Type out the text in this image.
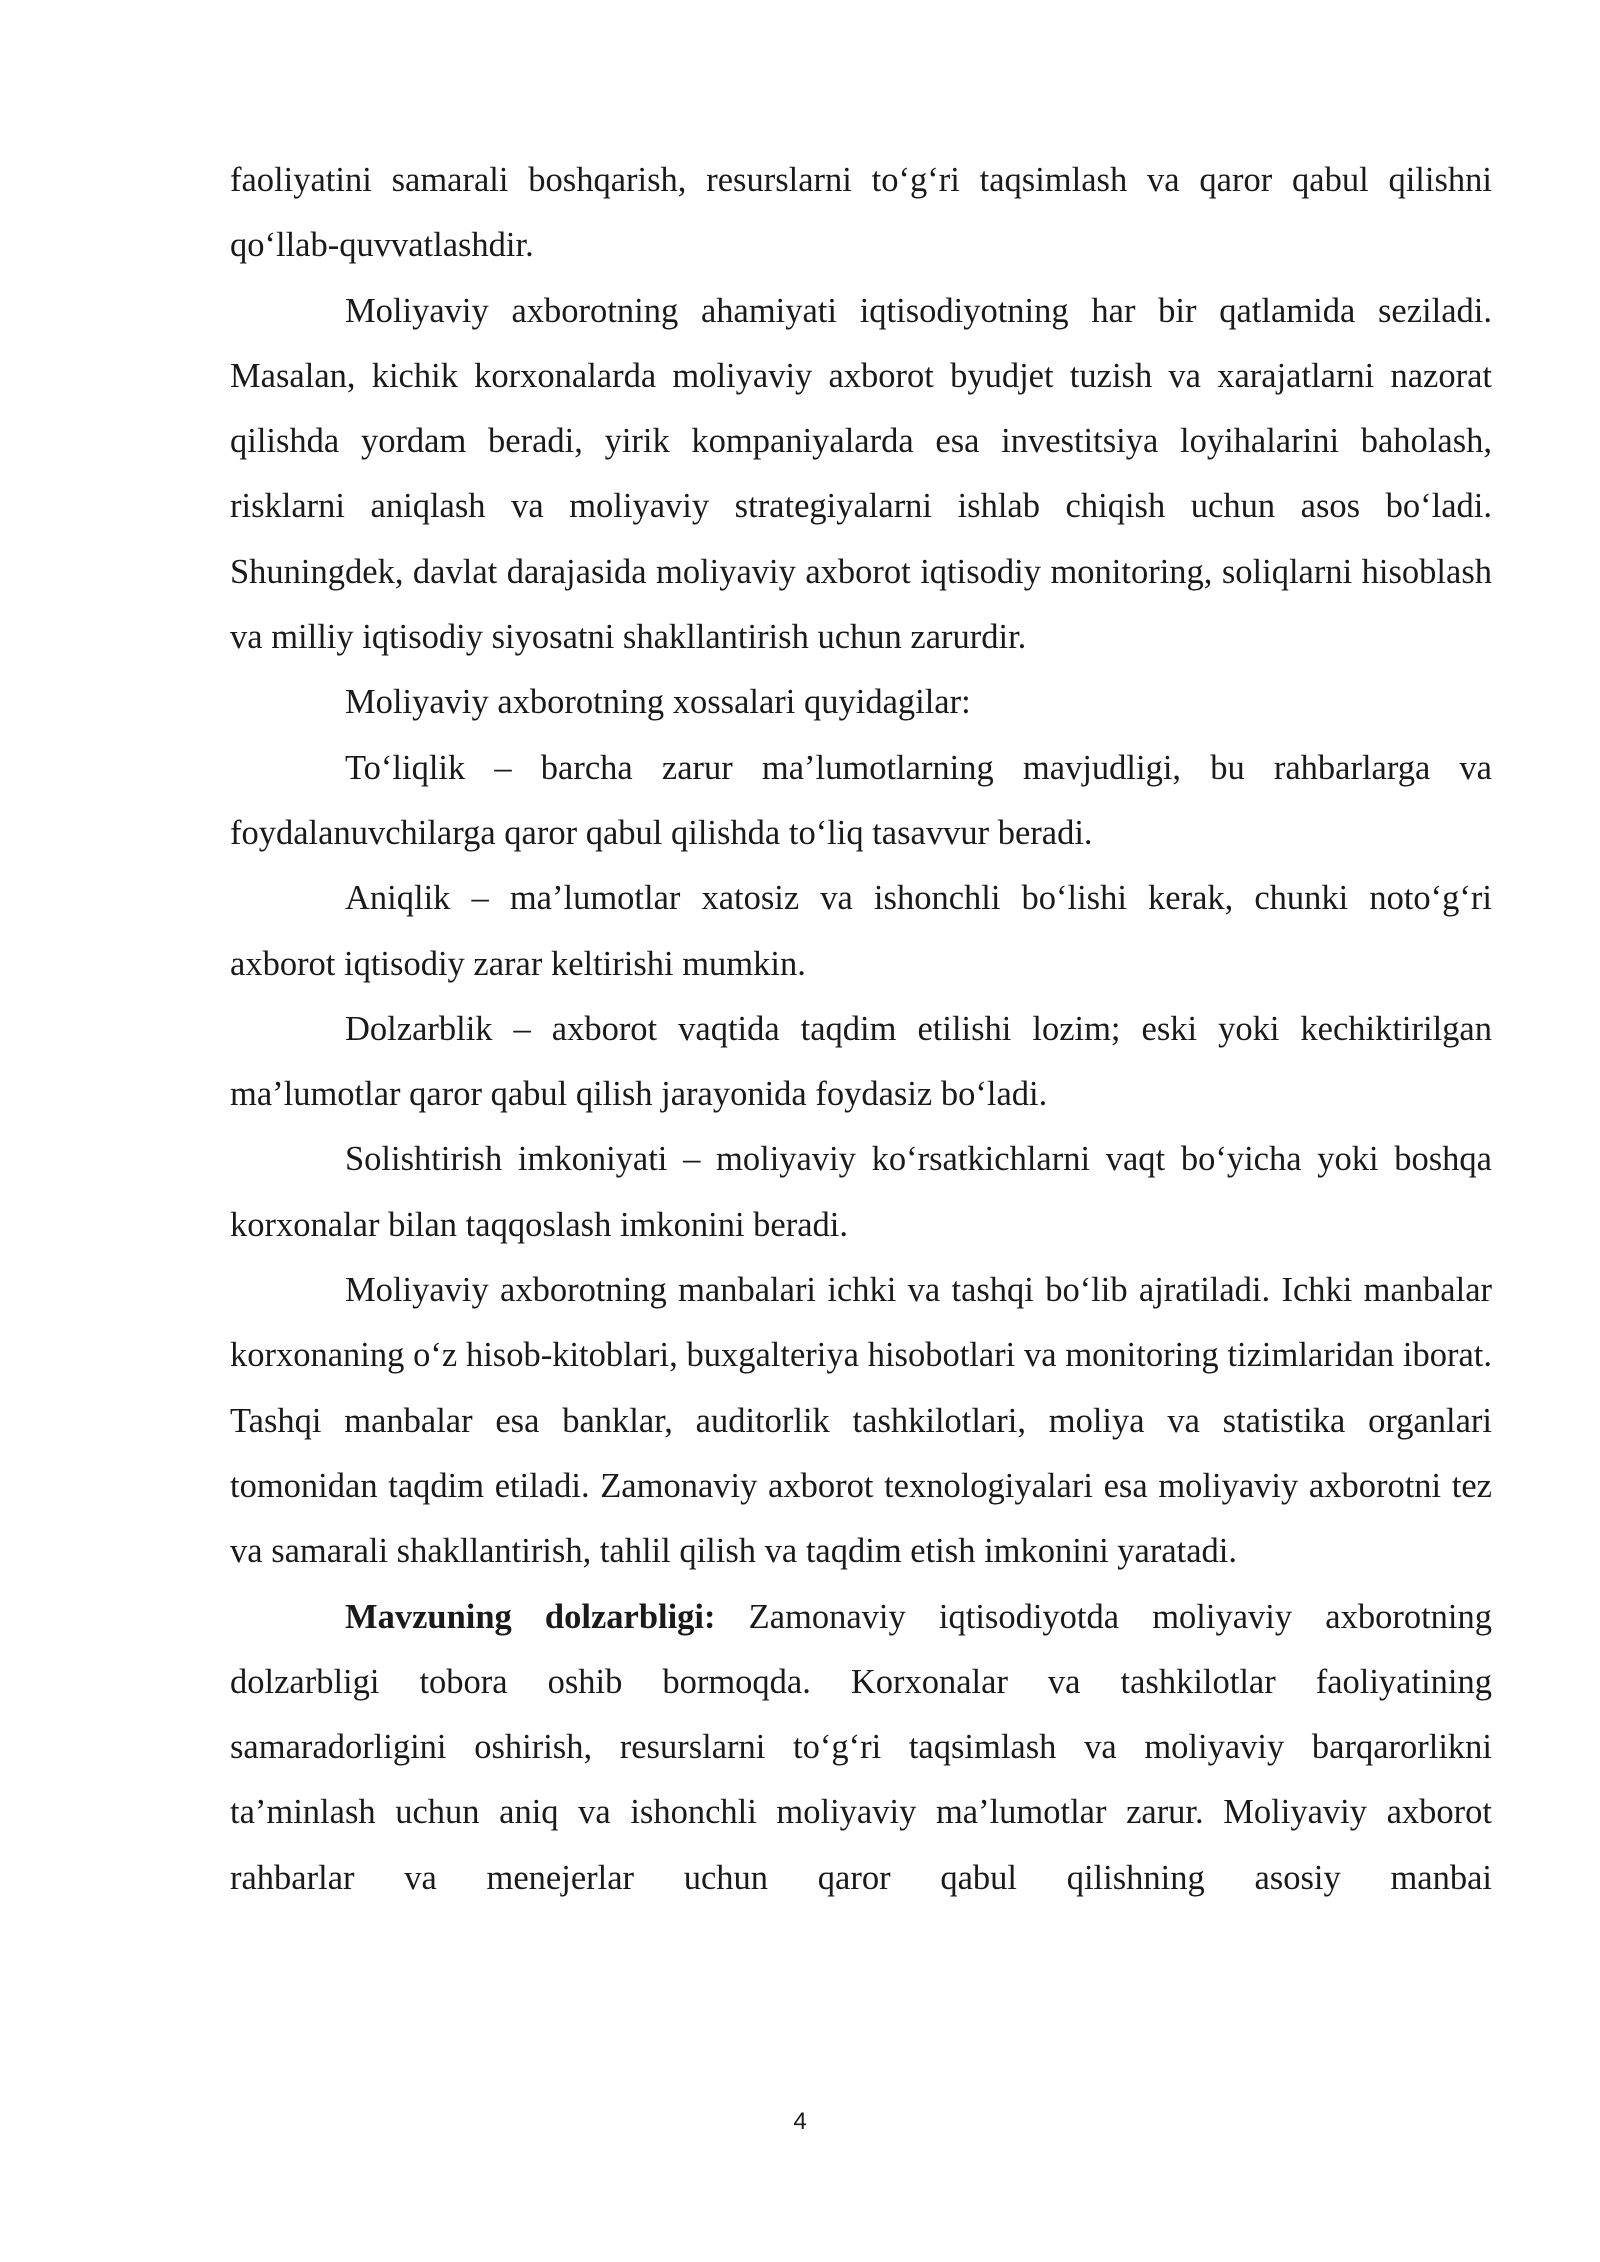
faoliyatini samarali boshqarish, resurslarni to‘g‘ri taqsimlash va qaror qabul qilishni qo‘llab-quvvatlashdir.

Moliyaviy axborotning ahamiyati iqtisodiyotning har bir qatlamida seziladi. Masalan, kichik korxonalarda moliyaviy axborot byudjet tuzish va xarajatlarni nazorat qilishda yordam beradi, yirik kompaniyalarda esa investitsiya loyihalarini baholash, risklarni aniqlash va moliyaviy strategiyalarni ishlab chiqish uchun asos bo‘ladi. Shuningdek, davlat darajasida moliyaviy axborot iqtisodiy monitoring, soliqlarni hisoblash va milliy iqtisodiy siyosatni shakllantirish uchun zarurdir.

Moliyaviy axborotning xossalari quyidagilar:

To‘liqlik – barcha zarur ma’lumotlarning mavjudligi, bu rahbarlarga va foydalanuvchilarga qaror qabul qilishda to‘liq tasavvur beradi.

Aniqlik – ma’lumotlar xatosiz va ishonchli bo‘lishi kerak, chunki noto‘g‘ri axborot iqtisodiy zarar keltirishi mumkin.

Dolzarblik – axborot vaqtida taqdim etilishi lozim; eski yoki kechiktirilgan ma’lumotlar qaror qabul qilish jarayonida foydasiz bo‘ladi.

Solishtirish imkoniyati – moliyaviy ko‘rsatkichlarni vaqt bo‘yicha yoki boshqa korxonalar bilan taqqoslash imkonini beradi.

Moliyaviy axborotning manbalari ichki va tashqi bo‘lib ajratiladi. Ichki manbalar korxonaning o‘z hisob-kitoblari, buxgalteriya hisobotlari va monitoring tizimlaridan iborat. Tashqi manbalar esa banklar, auditorlik tashkilotlari, moliya va statistika organlari tomonidan taqdim etiladi. Zamonaviy axborot texnologiyalari esa moliyaviy axborotni tez va samarali shakllantirish, tahlil qilish va taqdim etish imkonini yaratadi.

Mavzuning dolzarbligi: Zamonaviy iqtisodiyotda moliyaviy axborotning dolzarbligi tobora oshib bormoqda. Korxonalar va tashkilotlar faoliyatining samaradorligini oshirish, resurslarni to‘g‘ri taqsimlash va moliyaviy barqarorlikni ta’minlash uchun aniq va ishonchli moliyaviy ma’lumotlar zarur. Moliyaviy axborot rahbarlar va menejerlar uchun qaror qabul qilishning asosiy manbai

4
